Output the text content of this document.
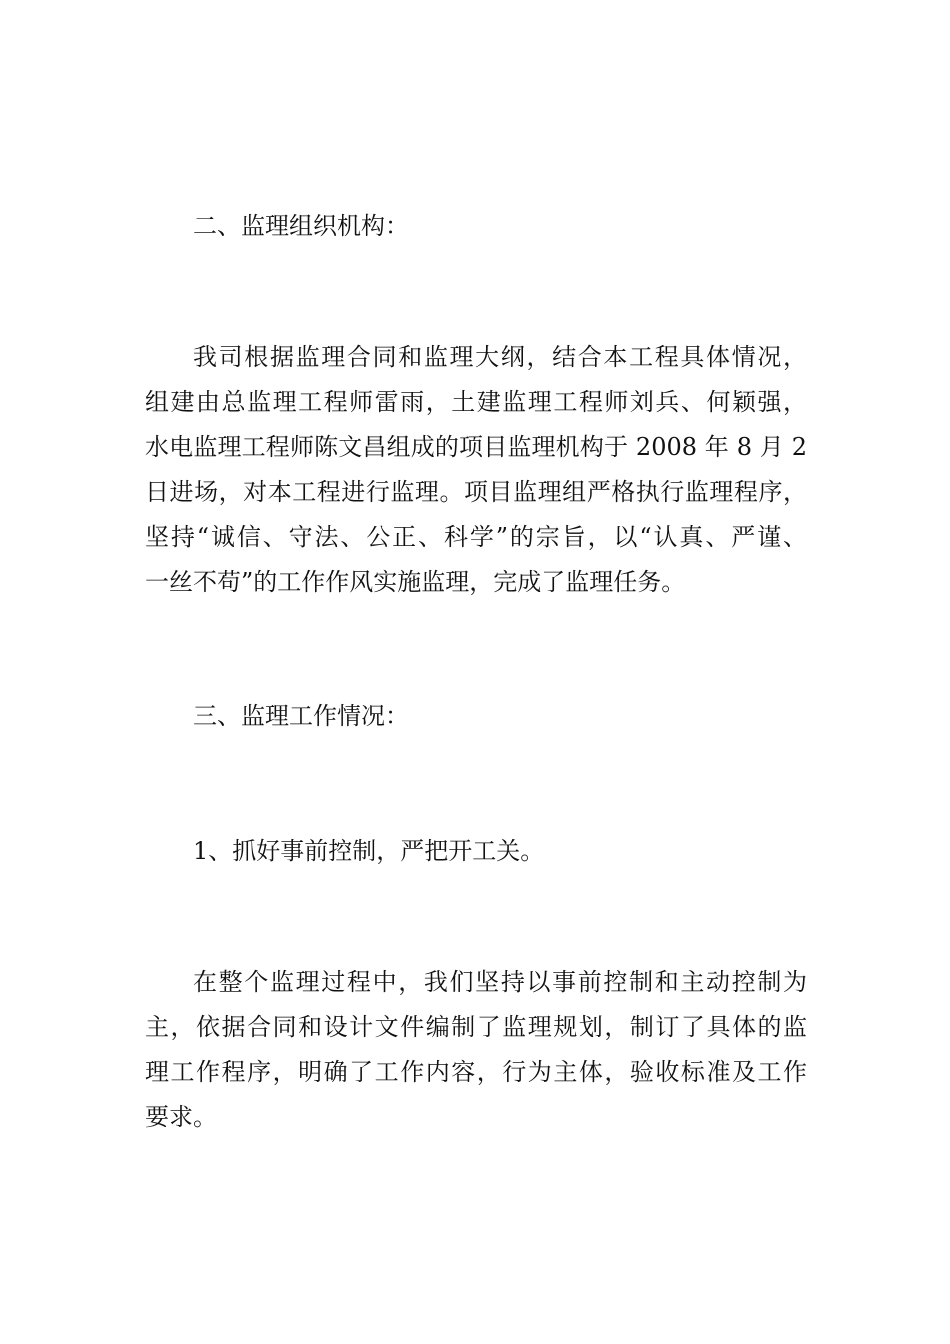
二、监理组织机构：

我司根据监理合同和监理大纲，结合本工程具体情况，

组建由总监理工程师雷雨，土建监理工程师刘兵、何颖强，

水电监理工程师陈文昌组成的项目监理机构于 2008 年 8 月 2

日进场，对本工程进行监理。项目监理组严格执行监理程序，

坚持“诚信、守法、公正、科学”的宗旨，以“认真、严谨、

一丝不苟”的工作作风实施监理，完成了监理任务。

三、监理工作情况：

1、抓好事前控制，严把开工关。

在整个监理过程中，我们坚持以事前控制和主动控制为

主，依据合同和设计文件编制了监理规划，制订了具体的监

理工作程序，明确了工作内容，行为主体，验收标准及工作

要求。
